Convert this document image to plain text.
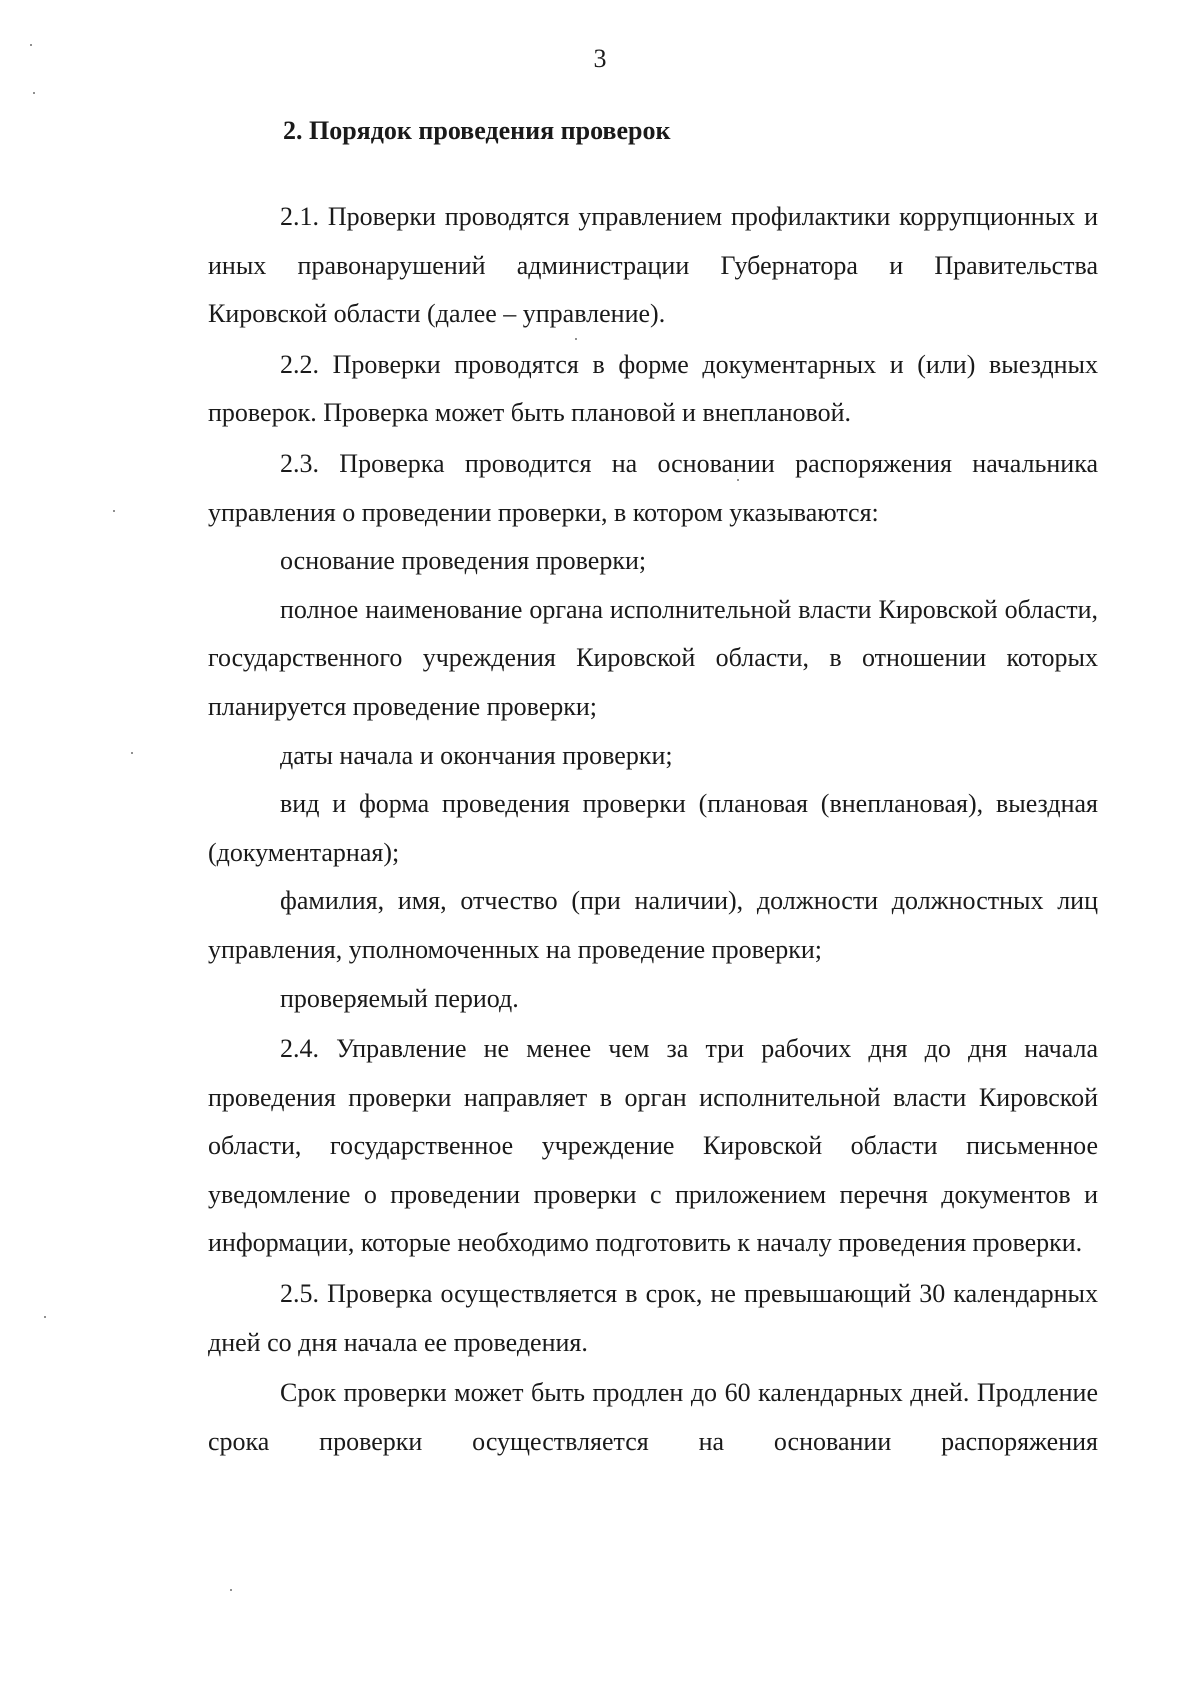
3
2. Порядок проведения проверок

2.1. Проверки проводятся управлением профилактики коррупционных и иных правонарушений администрации Губернатора и Правительства Кировской области (далее – управление).

2.2. Проверки проводятся в форме документарных и (или) выездных проверок. Проверка может быть плановой и внеплановой.

2.3. Проверка проводится на основании распоряжения начальника управления о проведении проверки, в котором указываются:

основание проведения проверки;

полное наименование органа исполнительной власти Кировской области, государственного учреждения Кировской области, в отношении которых планируется проведение проверки;

даты начала и окончания проверки;

вид и форма проведения проверки (плановая (внеплановая), выездная (документарная);

фамилия, имя, отчество (при наличии), должности должностных лиц управления, уполномоченных на проведение проверки;

проверяемый период.

2.4. Управление не менее чем за три рабочих дня до дня начала проведения проверки направляет в орган исполнительной власти Кировской области, государственное учреждение Кировской области письменное уведомление о проведении проверки с приложением перечня документов и информации, которые необходимо подготовить к началу проведения проверки.

2.5. Проверка осуществляется в срок, не превышающий 30 календарных дней со дня начала ее проведения.

Срок проверки может быть продлен до 60 календарных дней. Продление срока проверки осуществляется на основании распоряжения
